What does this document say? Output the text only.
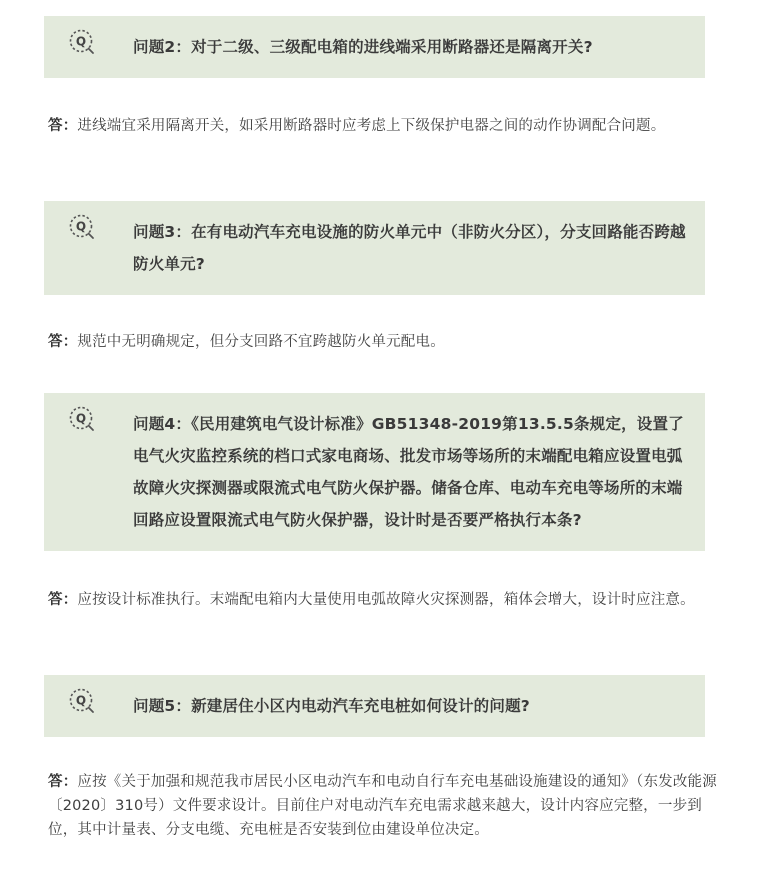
Q	问题2：对于二级、三级配电箱的进线端采用断路器还是隔离开关?
答：进线端宜采用隔离开关，如采用断路器时应考虑上下级保护电器之间的动作协调配合问题。
Q	问题3：在有电动汽车充电设施的防火单元中（非防火分区），分支回路能否跨越防火单元?
答：规范中无明确规定，但分支回路不宜跨越防火单元配电。
Q	问题4：《民用建筑电气设计标准》GB51348-2019第13.5.5条规定，设置了电气火灾监控系统的档口式家电商场、批发市场等场所的末端配电箱应设置电弧故障火灾探测器或限流式电气防火保护器。储备仓库、电动车充电等场所的末端回路应设置限流式电气防火保护器，设计时是否要严格执行本条?
答：应按设计标准执行。末端配电箱内大量使用电弧故障火灾探测器，箱体会增大，设计时应注意。
Q	问题5：新建居住小区内电动汽车充电桩如何设计的问题?
答：应按《关于加强和规范我市居民小区电动汽车和电动自行车充电基础设施建设的通知》（东发改能源〔2020〕310号）文件要求设计。目前住户对电动汽车充电需求越来越大，设计内容应完整，一步到位，其中计量表、分支电缆、充电桩是否安装到位由建设单位决定。
